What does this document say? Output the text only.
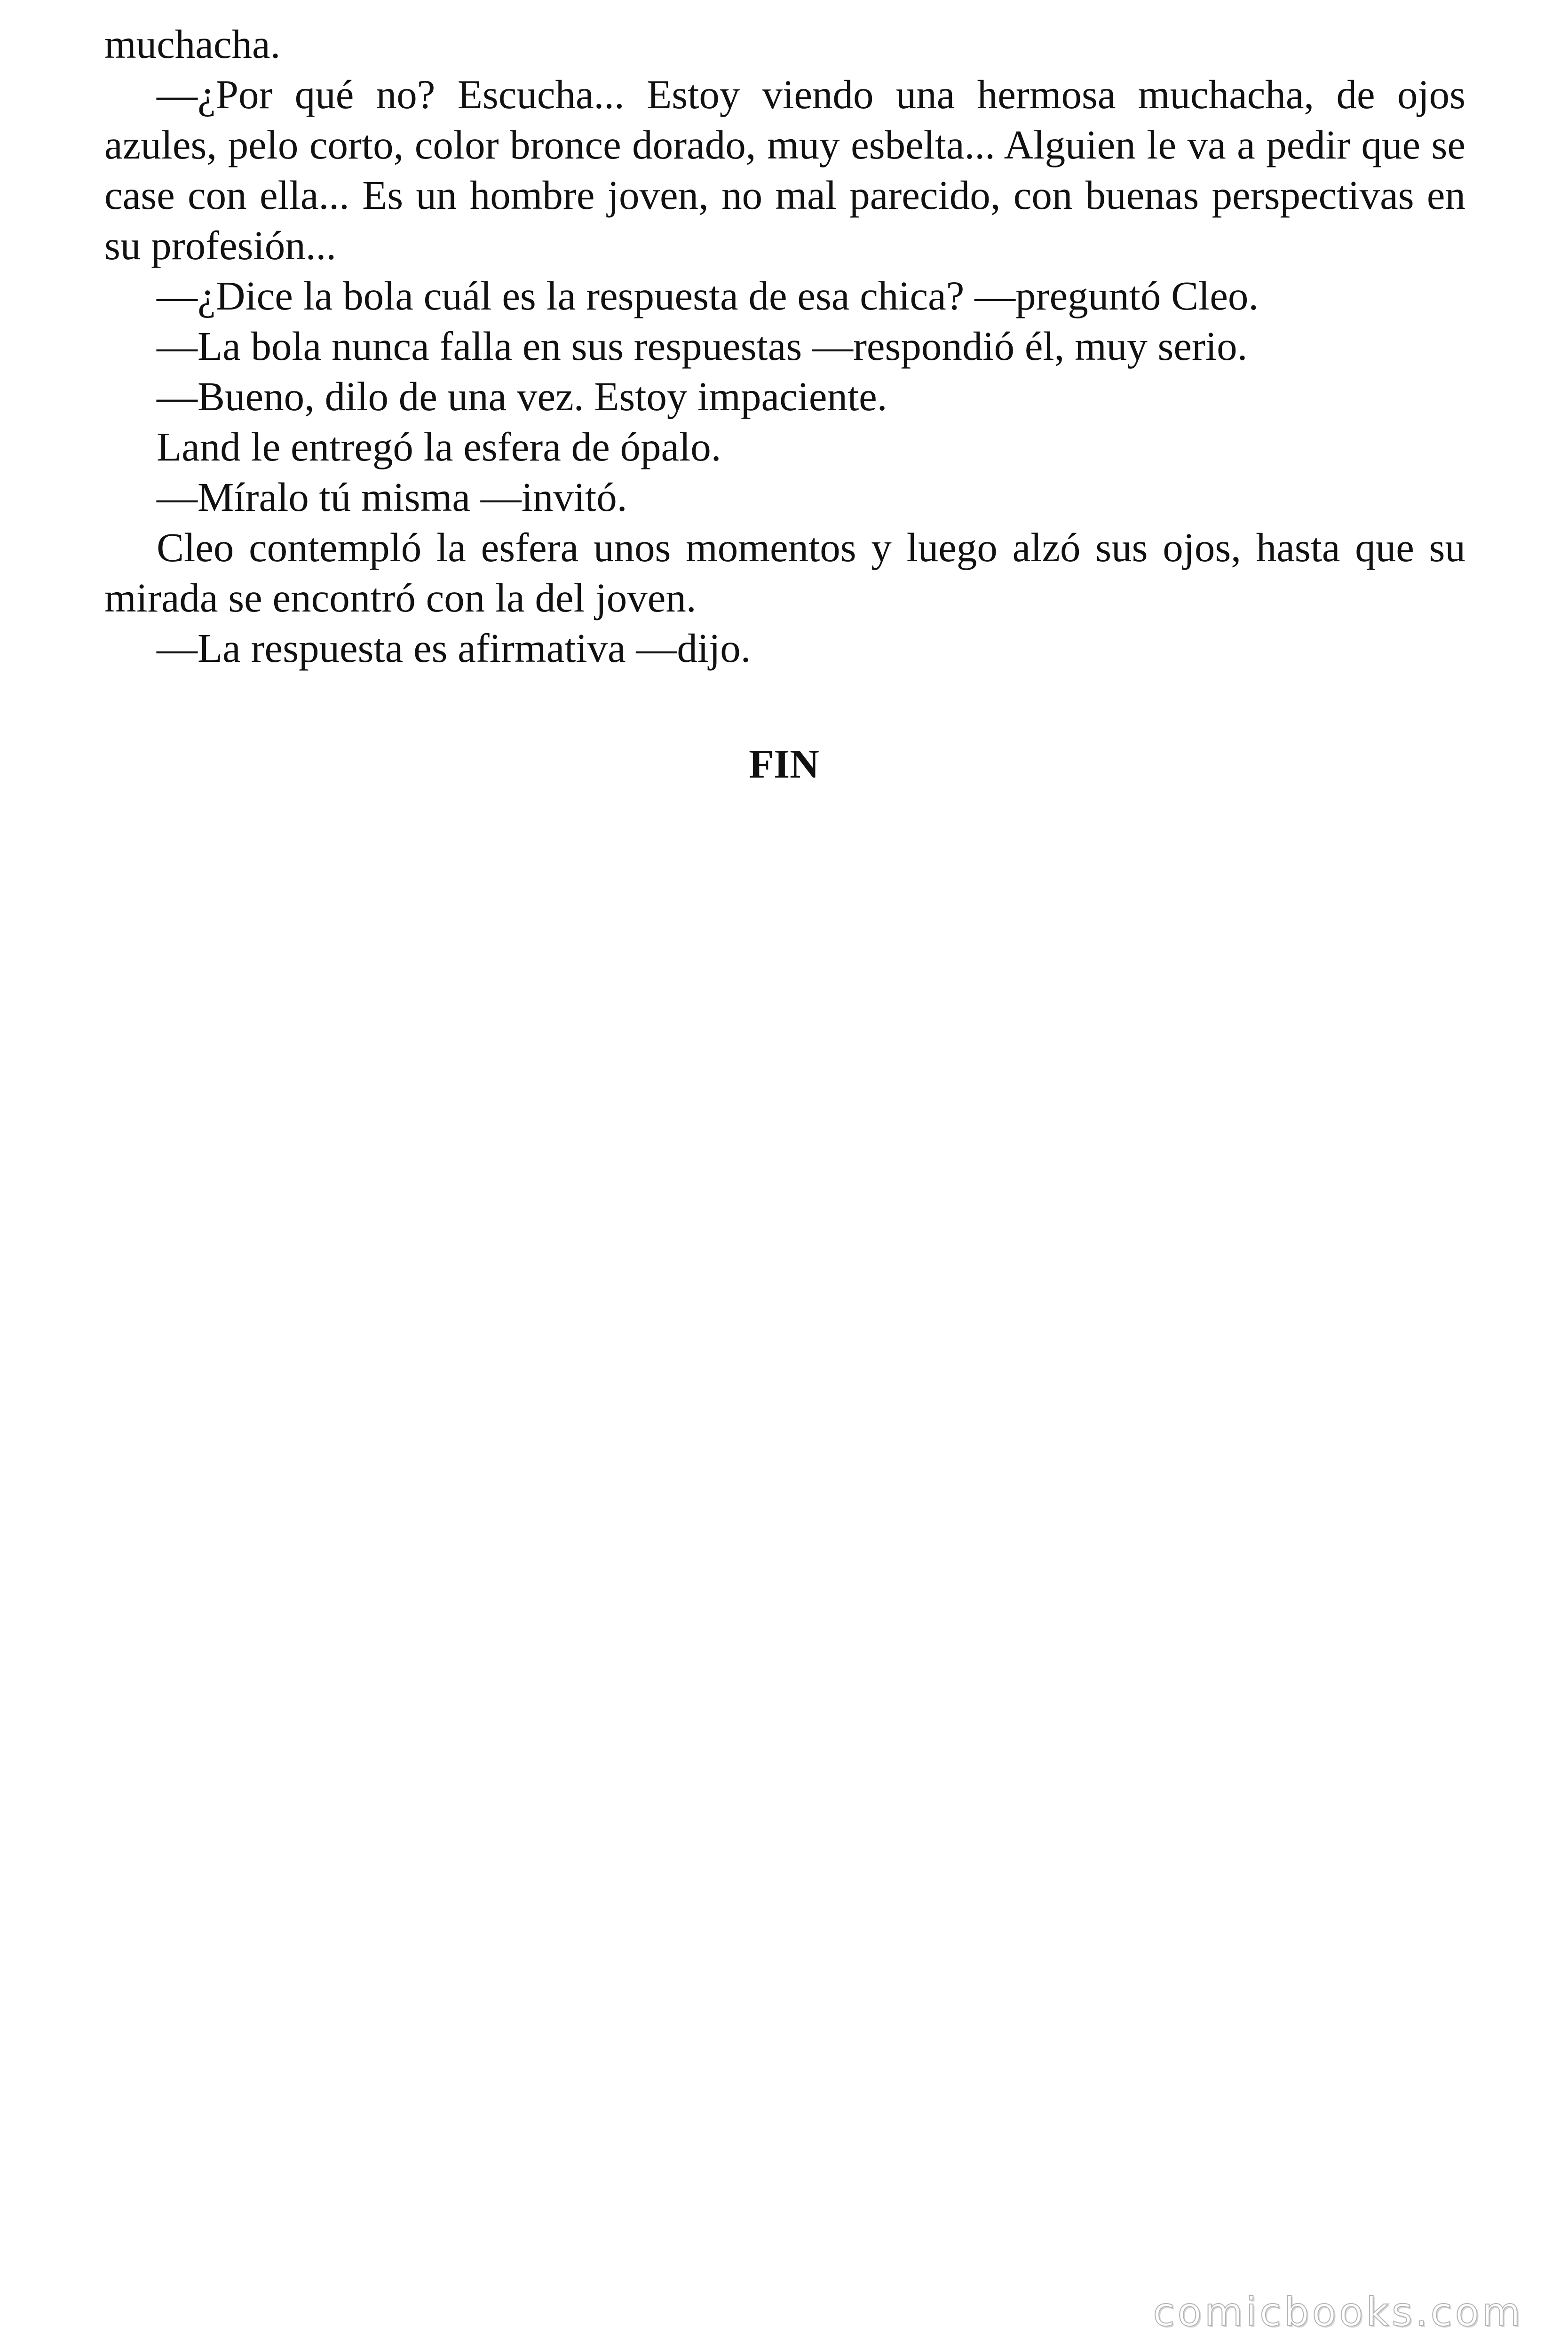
muchacha.

—¿Por qué no? Escucha... Estoy viendo una hermosa muchacha, de ojos azules, pelo corto, color bronce dorado, muy esbelta... Alguien le va a pedir que se case con ella... Es un hombre joven, no mal parecido, con buenas perspectivas en su profesión...

—¿Dice la bola cuál es la respuesta de esa chica? —preguntó Cleo.

—La bola nunca falla en sus respuestas —respondió él, muy serio.

—Bueno, dilo de una vez. Estoy impaciente.

Land le entregó la esfera de ópalo.

—Míralo tú misma —invitó.

Cleo contempló la esfera unos momentos y luego alzó sus ojos, hasta que su mirada se encontró con la del joven.

—La respuesta es afirmativa —dijo.

FIN

comicbooks.com
